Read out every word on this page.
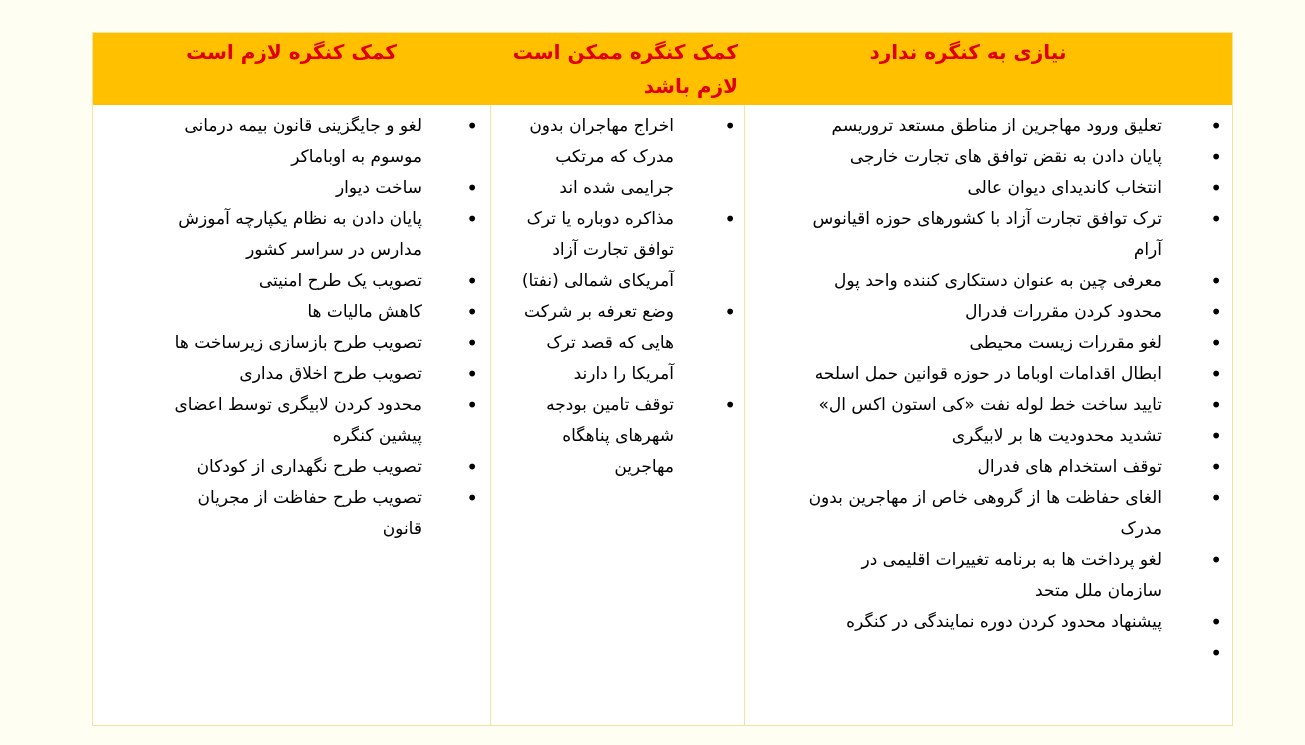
نیازی به کنگره ندارد
کمک کنگره ممکن است لازم باشد
کمک کنگره لازم است
• تعلیق ورود مهاجرین از مناطق مستعد تروریسم
• پایان دادن به نقض توافق های تجارت خارجی
• انتخاب کاندیدای دیوان عالی
• ترک توافق تجارت آزاد با کشورهای حوزه اقیانوس آرام
• معرفی چین به عنوان دستکاری کننده واحد پول
• محدود کردن مقررات فدرال
• لغو مقررات زیست محیطی
• ابطال اقدامات اوباما در حوزه قوانین حمل اسلحه
• تایید ساخت خط لوله نفت «کی استون اکس ال»
• تشدید محدودیت ها بر لابیگری
• توقف استخدام های فدرال
• الغای حفاظت ها از گروهی خاص از مهاجرین بدون مدرک
• لغو پرداخت ها به برنامه تغییرات اقلیمی در سازمان ملل متحد
• پیشنهاد محدود کردن دوره نمایندگی در کنگره
• اخراج مهاجران بدون مدرک که مرتکب جرایمی شده اند
• مذاکره دوباره یا ترک توافق تجارت آزاد آمریکای شمالی (نفتا)
• وضع تعرفه بر شرکت هایی که قصد ترک آمریکا را دارند
• توقف تامین بودجه شهرهای پناهگاه مهاجرین
• لغو و جایگزینی قانون بیمه درمانی موسوم به اوباماکر
• ساخت دیوار
• پایان دادن به نظام یکپارچه آموزش مدارس در سراسر کشور
• تصویب یک طرح امنیتی
• کاهش مالیات ها
• تصویب طرح بازسازی زیرساخت ها
• تصویب طرح اخلاق مداری
• محدود کردن لابیگری توسط اعضای پیشین کنگره
• تصویب طرح نگهداری از کودکان
• تصویب طرح حفاظت از مجریان قانون
